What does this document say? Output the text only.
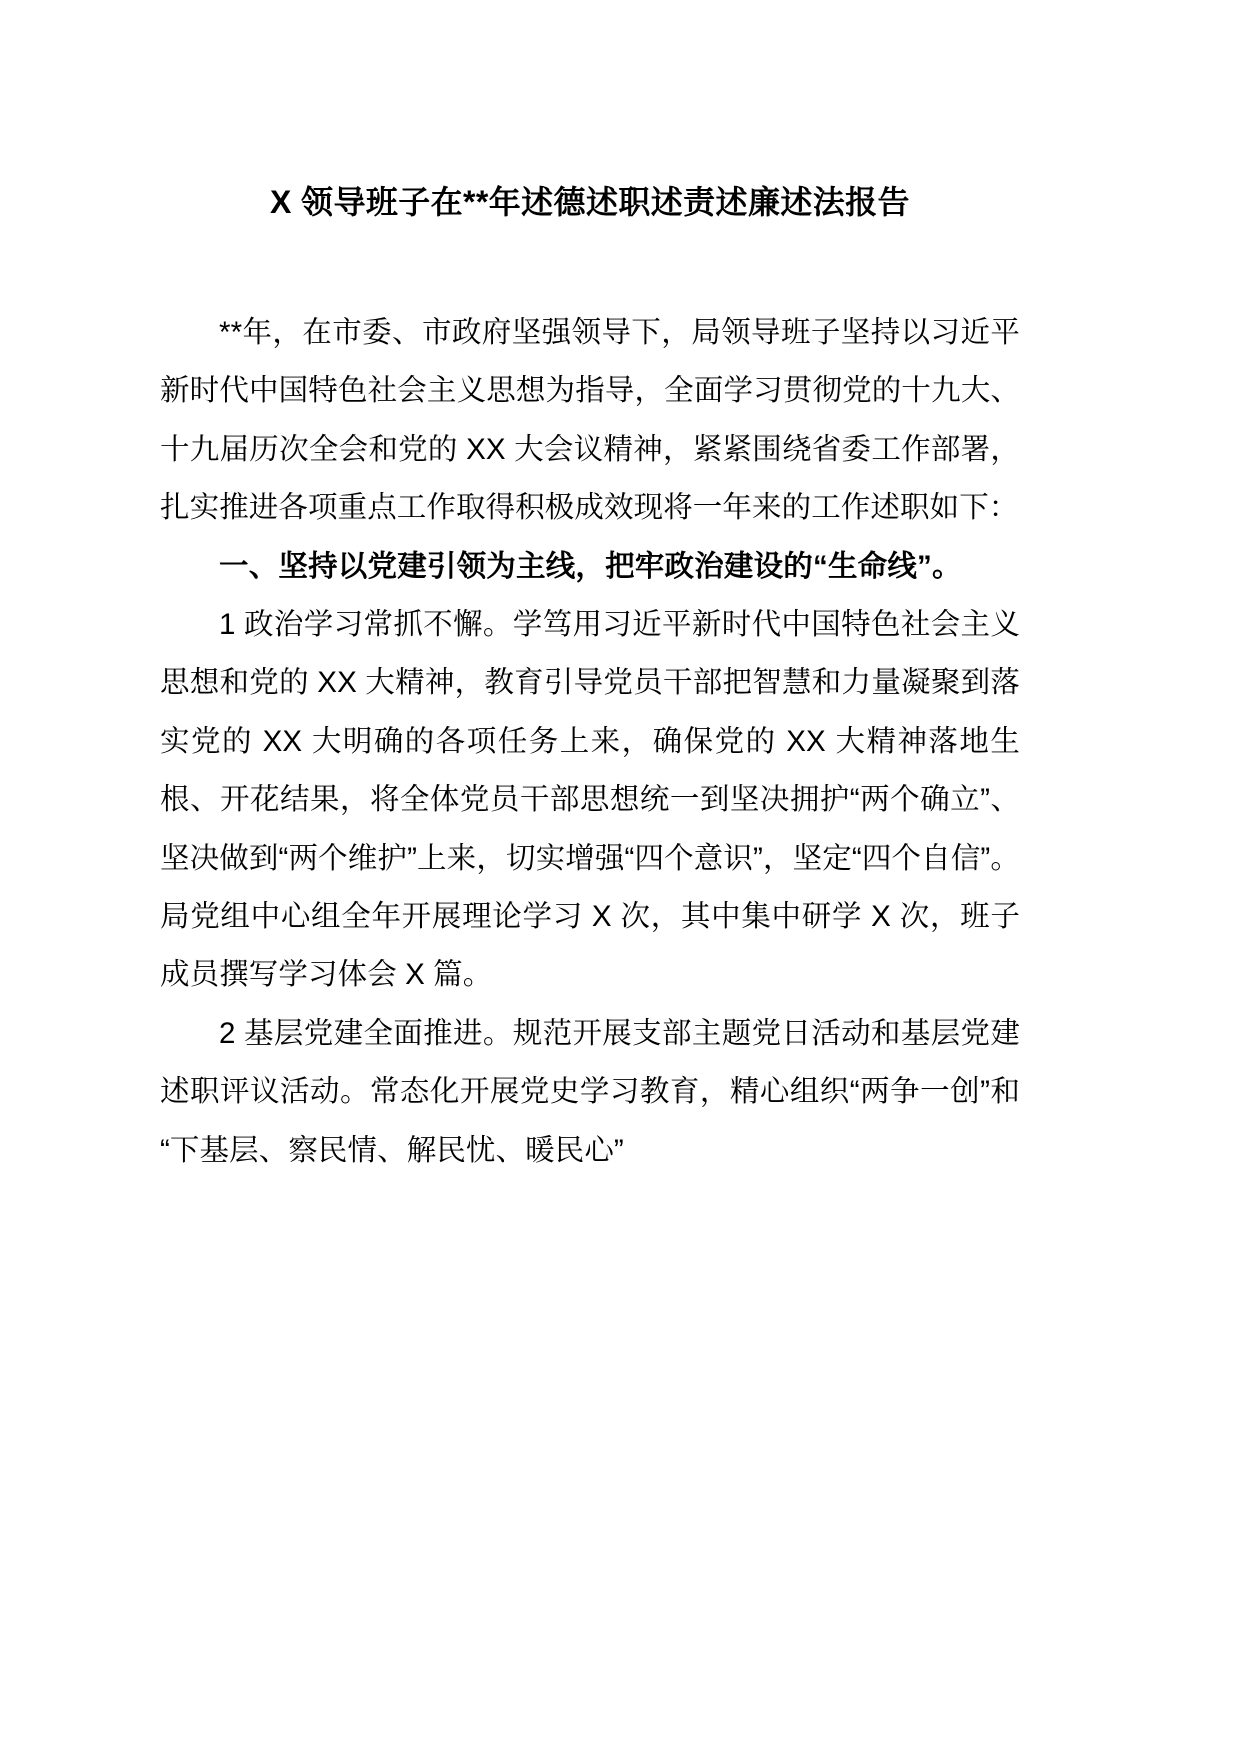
X 领导班子在**年述德述职述责述廉述法报告

**年，在市委、市政府坚强领导下，局领导班子坚持以习近平新时代中国特色社会主义思想为指导，全面学习贯彻党的十九大、十九届历次全会和党的 XX 大会议精神，紧紧围绕省委工作部署，扎实推进各项重点工作取得积极成效现将一年来的工作述职如下：

一、坚持以党建引领为主线，把牢政治建设的“生命线”。

1 政治学习常抓不懈。学笃用习近平新时代中国特色社会主义思想和党的 XX 大精神，教育引导党员干部把智慧和力量凝聚到落实党的 XX 大明确的各项任务上来，确保党的 XX 大精神落地生根、开花结果，将全体党员干部思想统一到坚决拥护“两个确立”、坚决做到“两个维护”上来，切实增强“四个意识”，坚定“四个自信”。局党组中心组全年开展理论学习 X 次，其中集中研学 X 次，班子成员撰写学习体会 X 篇。

2 基层党建全面推进。规范开展支部主题党日活动和基层党建述职评议活动。常态化开展党史学习教育，精心组织“两争一创”和“下基层、察民情、解民忧、暖民心”
